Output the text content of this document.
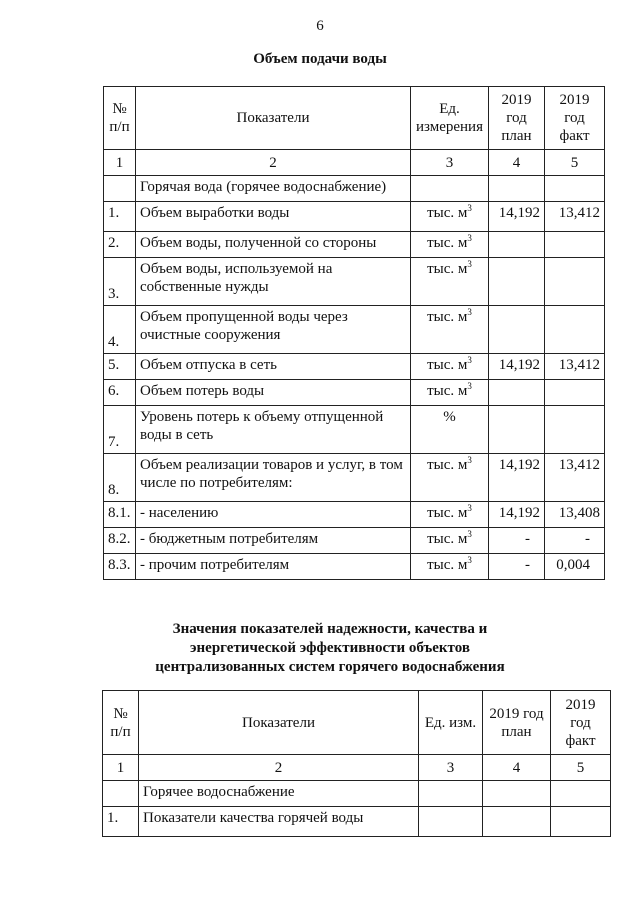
6
Объем подачи воды
№ п/п	Показатели	Ед. измерения	2019 год план	2019 год факт
1	2	3	4	5
	Горячая вода (горячее водоснабжение)			
1.	Объем выработки воды	тыс. $м^3$	14,192	13,412
2.	Объем воды, полученной со стороны	тыс. $м^3$		
3.	Объем воды, используемой на собственные нужды	тыс. $м^3$		
4.	Объем пропущенной воды через очистные сооружения	тыс. $м^3$		
5.	Объем отпуска в сеть	тыс. $м^3$	14,192	13,412
6.	Объем потерь воды	тыс. $м^3$		
7.	Уровень потерь к объему отпущенной воды в сеть	%		
8.	Объем реализации товаров и услуг, в том числе по потребителям:	тыс. $м^3$	14,192	13,412
8.1.	- населению	тыс. $м^3$	14,192	13,408
8.2.	- бюджетным потребителям	тыс. $м^3$	-	-
8.3.	- прочим потребителям	тыс. $м^3$	-	0,004
Значения показателей надежности, качества и энергетической эффективности объектов централизованных систем горячего водоснабжения
№ п/п	Показатели	Ед. изм.	2019 год план	2019 год факт
1	2	3	4	5
	Горячее водоснабжение			
1.	Показатели качества горячей воды			
